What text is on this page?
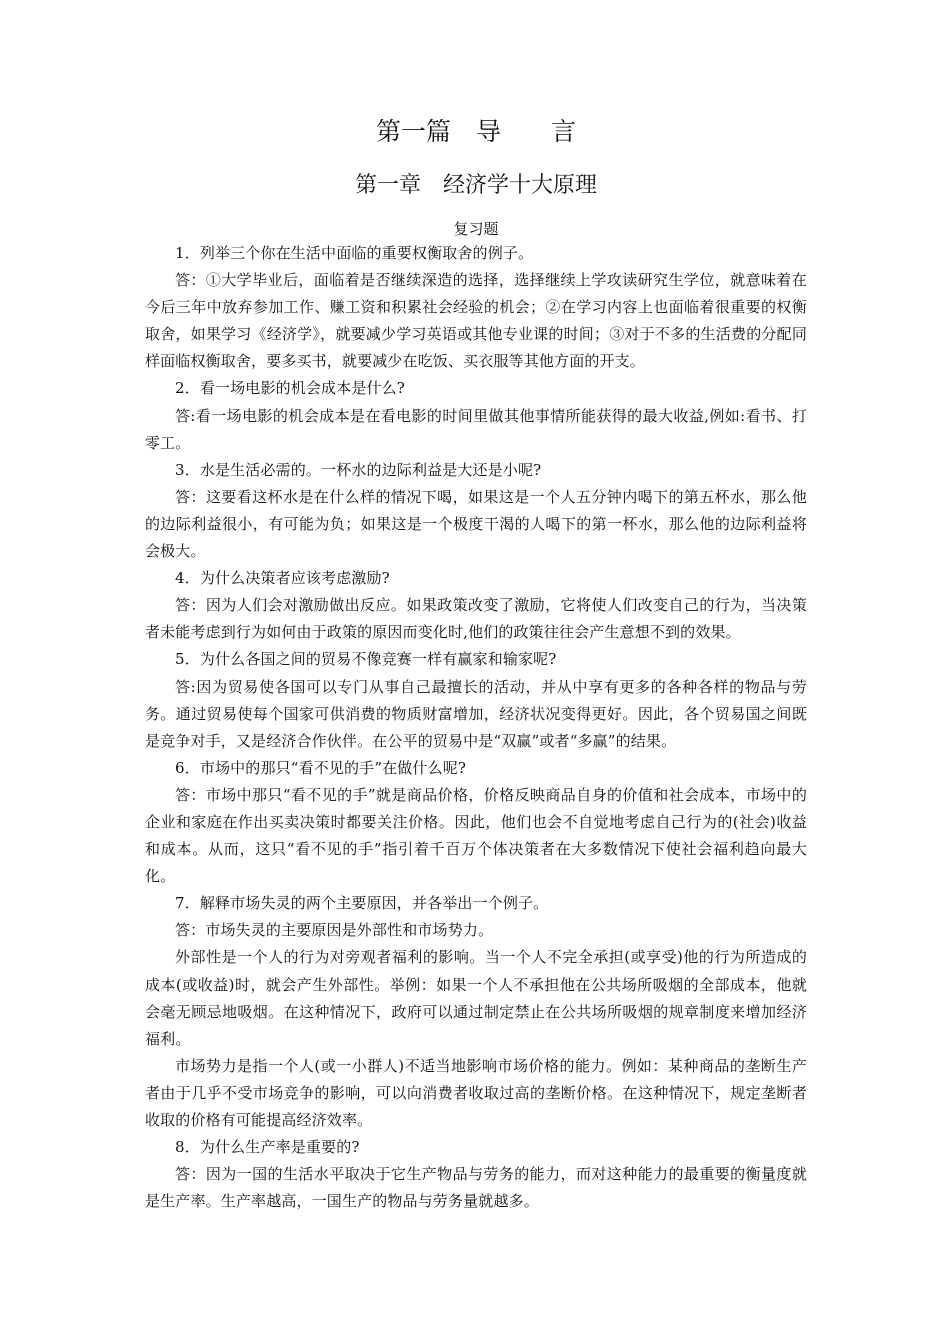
第一篇　导　　言
第一章　经济学十大原理
复习题

1．列举三个你在生活中面临的重要权衡取舍的例子。

答：①大学毕业后，面临着是否继续深造的选择，选择继续上学攻读研究生学位，就意味着在今后三年中放弃参加工作、赚工资和积累社会经验的机会；②在学习内容上也面临着很重要的权衡取舍，如果学习《经济学》，就要减少学习英语或其他专业课的时间；③对于不多的生活费的分配同样面临权衡取舍，要多买书，就要减少在吃饭、买衣服等其他方面的开支。

2．看一场电影的机会成本是什么?

答:看一场电影的机会成本是在看电影的时间里做其他事情所能获得的最大收益,例如:看书、打零工。

3．水是生活必需的。一杯水的边际利益是大还是小呢?

答：这要看这杯水是在什么样的情况下喝，如果这是一个人五分钟内喝下的第五杯水，那么他的边际利益很小，有可能为负；如果这是一个极度干渴的人喝下的第一杯水，那么他的边际利益将会极大。

4．为什么决策者应该考虑激励?

答：因为人们会对激励做出反应。如果政策改变了激励，它将使人们改变自己的行为，当决策者未能考虑到行为如何由于政策的原因而变化时,他们的政策往往会产生意想不到的效果。

5．为什么各国之间的贸易不像竞赛一样有赢家和输家呢?

答:因为贸易使各国可以专门从事自己最擅长的活动，并从中享有更多的各种各样的物品与劳务。通过贸易使每个国家可供消费的物质财富增加，经济状况变得更好。因此，各个贸易国之间既是竞争对手，又是经济合作伙伴。在公平的贸易中是“双赢”或者“多赢”的结果。

6．市场中的那只“看不见的手”在做什么呢?

答：市场中那只“看不见的手”就是商品价格，价格反映商品自身的价值和社会成本，市场中的企业和家庭在作出买卖决策时都要关注价格。因此，他们也会不自觉地考虑自己行为的(社会)收益和成本。从而，这只“看不见的手”指引着千百万个体决策者在大多数情况下使社会福利趋向最大化。

7．解释市场失灵的两个主要原因，并各举出一个例子。

答：市场失灵的主要原因是外部性和市场势力。

外部性是一个人的行为对旁观者福利的影响。当一个人不完全承担(或享受)他的行为所造成的成本(或收益)时，就会产生外部性。举例：如果一个人不承担他在公共场所吸烟的全部成本，他就会毫无顾忌地吸烟。在这种情况下，政府可以通过制定禁止在公共场所吸烟的规章制度来增加经济福利。

市场势力是指一个人(或一小群人)不适当地影响市场价格的能力。例如：某种商品的垄断生产者由于几乎不受市场竞争的影响，可以向消费者收取过高的垄断价格。在这种情况下，规定垄断者收取的价格有可能提高经济效率。

8．为什么生产率是重要的?

答：因为一国的生活水平取决于它生产物品与劳务的能力，而对这种能力的最重要的衡量度就是生产率。生产率越高，一国生产的物品与劳务量就越多。
